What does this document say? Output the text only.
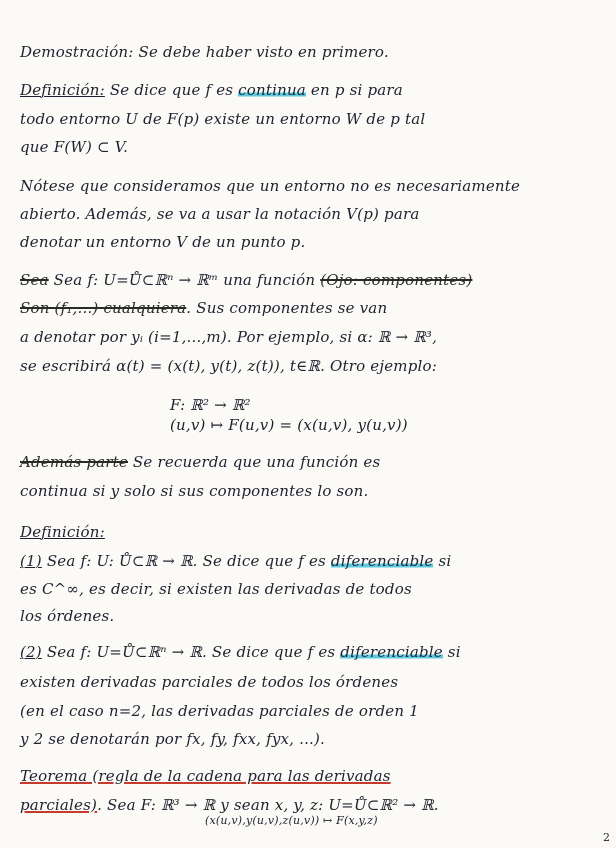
Demostración: Se debe haber visto en primero.
Definición: Se dice que f es continua en p si para
todo entorno U de F(p) existe un entorno W de p tal
que F(W) ⊂ V.
Nótese que consideramos que un entorno no es necesariamente
abierto. Además, se va a usar la notación V(p) para
denotar un entorno V de un punto p.
Sea Sea f: U=Ů⊂ℝⁿ → ℝᵐ una función (Ojo: componentes)
Son (f₁,...) cualquiera. Sus componentes se van
a denotar por yᵢ (i=1,...,m). Por ejemplo, si α: ℝ → ℝ³,
se escribirá α(t) = (x(t), y(t), z(t)), t∈ℝ. Otro ejemplo:
F: ℝ² → ℝ²
(u,v) ↦ F(u,v) = (x(u,v), y(u,v))
Además parte Se recuerda que una función es
continua si y solo si sus componentes lo son.
Definición:
(1) Sea f: U: Ů⊂ℝ → ℝ. Se dice que f es diferenciable si
es C^∞, es decir, si existen las derivadas de todos
los órdenes.
(2) Sea f: U=Ů⊂ℝⁿ → ℝ. Se dice que f es diferenciable si
existen derivadas parciales de todos los órdenes
(en el caso n=2, las derivadas parciales de orden 1
y 2 se denotarán por fx, fy, fxx, fyx, ...).
Teorema (regla de la cadena para las derivadas
parciales). Sea F: ℝ³ → ℝ y sean x, y, z: U=Ů⊂ℝ² → ℝ.
(x(u,v),y(u,v),z(u,v)) ↦ F(x,y,z)
2
